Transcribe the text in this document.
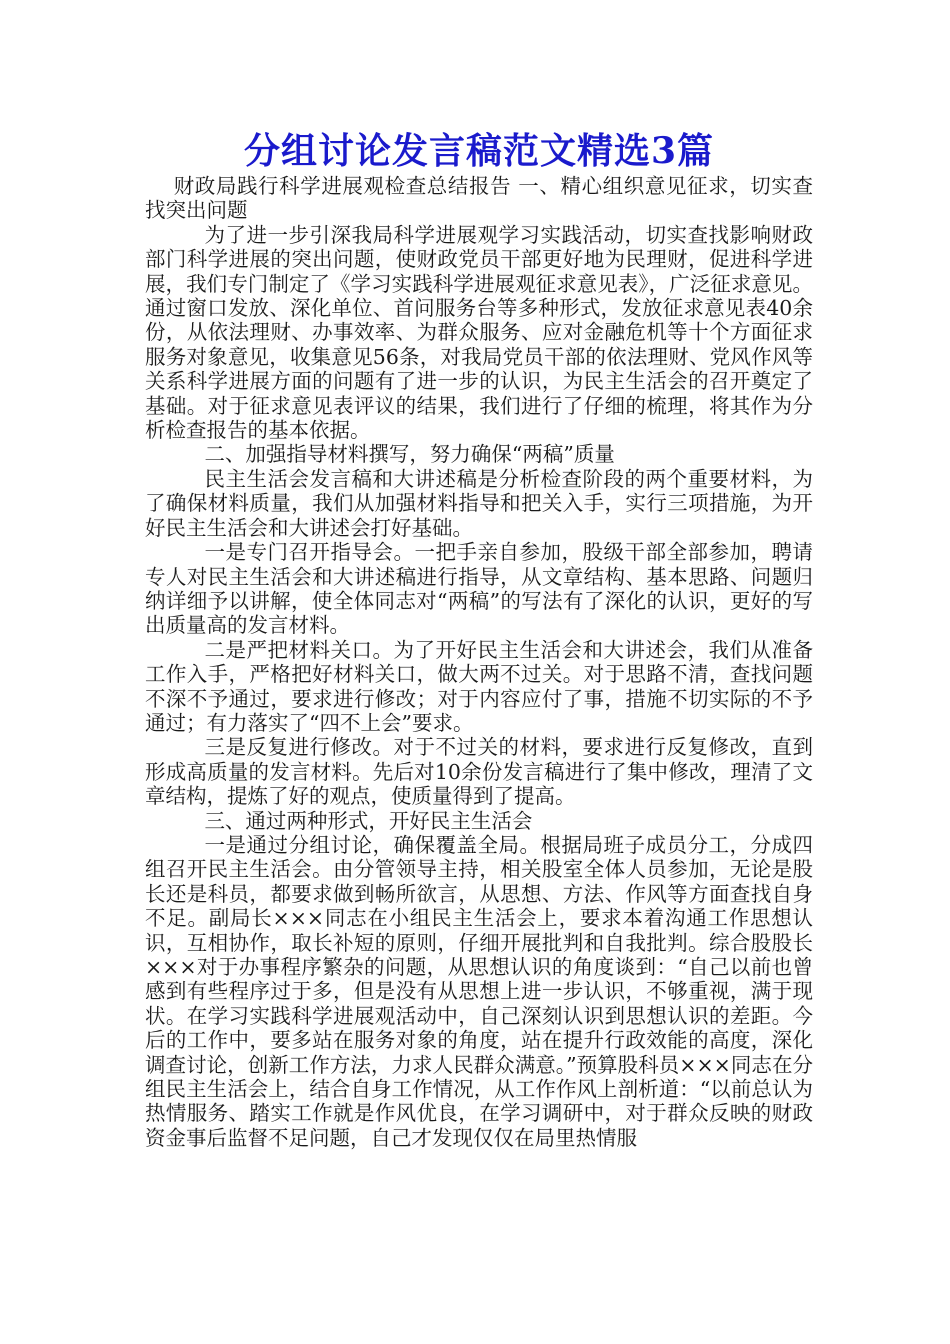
分组讨论发言稿范文精选3篇

财政局践行科学进展观检查总结报告 一、精心组织意见征求，切实查找突出问题

为了进一步引深我局科学进展观学习实践活动，切实查找影响财政部门科学进展的突出问题，使财政党员干部更好地为民理财，促进科学进展，我们专门制定了《学习实践科学进展观征求意见表》，广泛征求意见。通过窗口发放、深化单位、首问服务台等多种形式，发放征求意见表40余份，从依法理财、办事效率、为群众服务、应对金融危机等十个方面征求服务对象意见，收集意见56条，对我局党员干部的依法理财、党风作风等关系科学进展方面的问题有了进一步的认识，为民主生活会的召开奠定了基础。对于征求意见表评议的结果，我们进行了仔细的梳理，将其作为分析检查报告的基本依据。

二、加强指导材料撰写，努力确保“两稿”质量

民主生活会发言稿和大讲述稿是分析检查阶段的两个重要材料，为了确保材料质量，我们从加强材料指导和把关入手，实行三项措施，为开好民主生活会和大讲述会打好基础。

一是专门召开指导会。一把手亲自参加，股级干部全部参加，聘请专人对民主生活会和大讲述稿进行指导，从文章结构、基本思路、问题归纳详细予以讲解，使全体同志对“两稿”的写法有了深化的认识，更好的写出质量高的发言材料。

二是严把材料关口。为了开好民主生活会和大讲述会，我们从准备工作入手，严格把好材料关口，做大两不过关。对于思路不清，查找问题不深不予通过，要求进行修改；对于内容应付了事，措施不切实际的不予通过；有力落实了“四不上会”要求。

三是反复进行修改。对于不过关的材料，要求进行反复修改，直到形成高质量的发言材料。先后对10余份发言稿进行了集中修改，理清了文章结构，提炼了好的观点，使质量得到了提高。

三、通过两种形式，开好民主生活会

一是通过分组讨论，确保覆盖全局。根据局班子成员分工，分成四组召开民主生活会。由分管领导主持，相关股室全体人员参加，无论是股长还是科员，都要求做到畅所欲言，从思想、方法、作风等方面查找自身不足。副局长×××同志在小组民主生活会上，要求本着沟通工作思想认识，互相协作，取长补短的原则，仔细开展批判和自我批判。综合股股长×××对于办事程序繁杂的问题，从思想认识的角度谈到：“自己以前也曾感到有些程序过于多，但是没有从思想上进一步认识，不够重视，满于现状。在学习实践科学进展观活动中，自己深刻认识到思想认识的差距。今后的工作中，要多站在服务对象的角度，站在提升行政效能的高度，深化调查讨论，创新工作方法，力求人民群众满意。”预算股科员×××同志在分组民主生活会上，结合自身工作情况，从工作作风上剖析道：“以前总认为热情服务、踏实工作就是作风优良，在学习调研中，对于群众反映的财政资金事后监督不足问题，自己才发现仅仅在局里热情服
